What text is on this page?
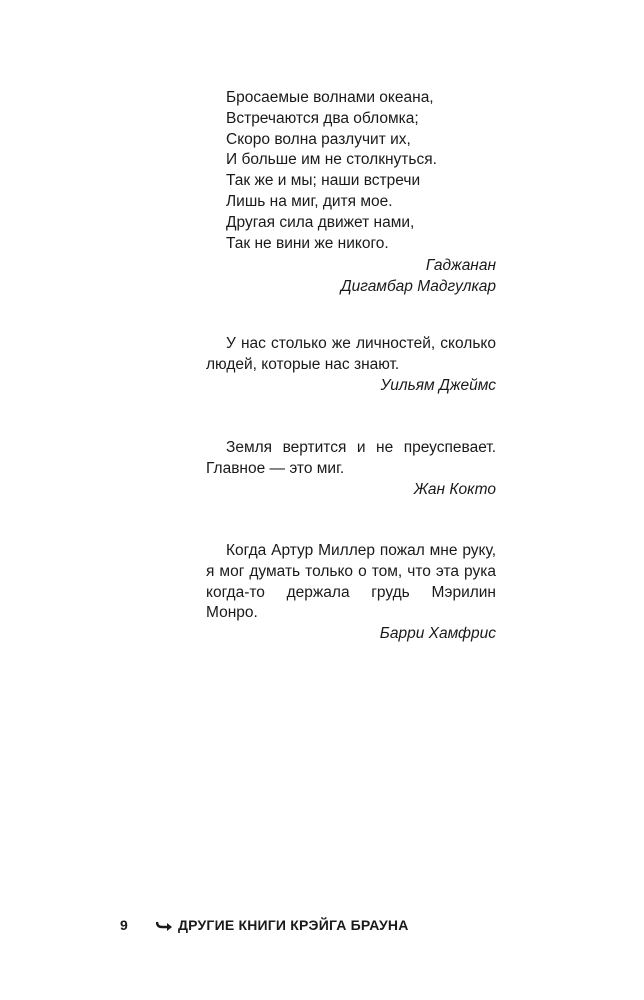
Бросаемые волнами океана,
Встречаются два обломка;
Скоро волна разлучит их,
И больше им не столкнуться.
Так же и мы; наши встречи
Лишь на миг, дитя мое.
Другая сила движет нами,
Так не вини же никого.
Гаджанан
Дигамбар Мадгулкар

У нас столько же личностей, сколько людей, которые нас знают.

Уильям Джеймс

Земля вертится и не преуспевает. Главное — это миг.

Жан Кокто

Когда Артур Миллер пожал мне руку, я мог думать только о том, что эта рука когда-то держала грудь Мэрилин Монро.

Барри Хамфрис
9	ДРУГИЕ КНИГИ КРЭЙГА БРАУНА
